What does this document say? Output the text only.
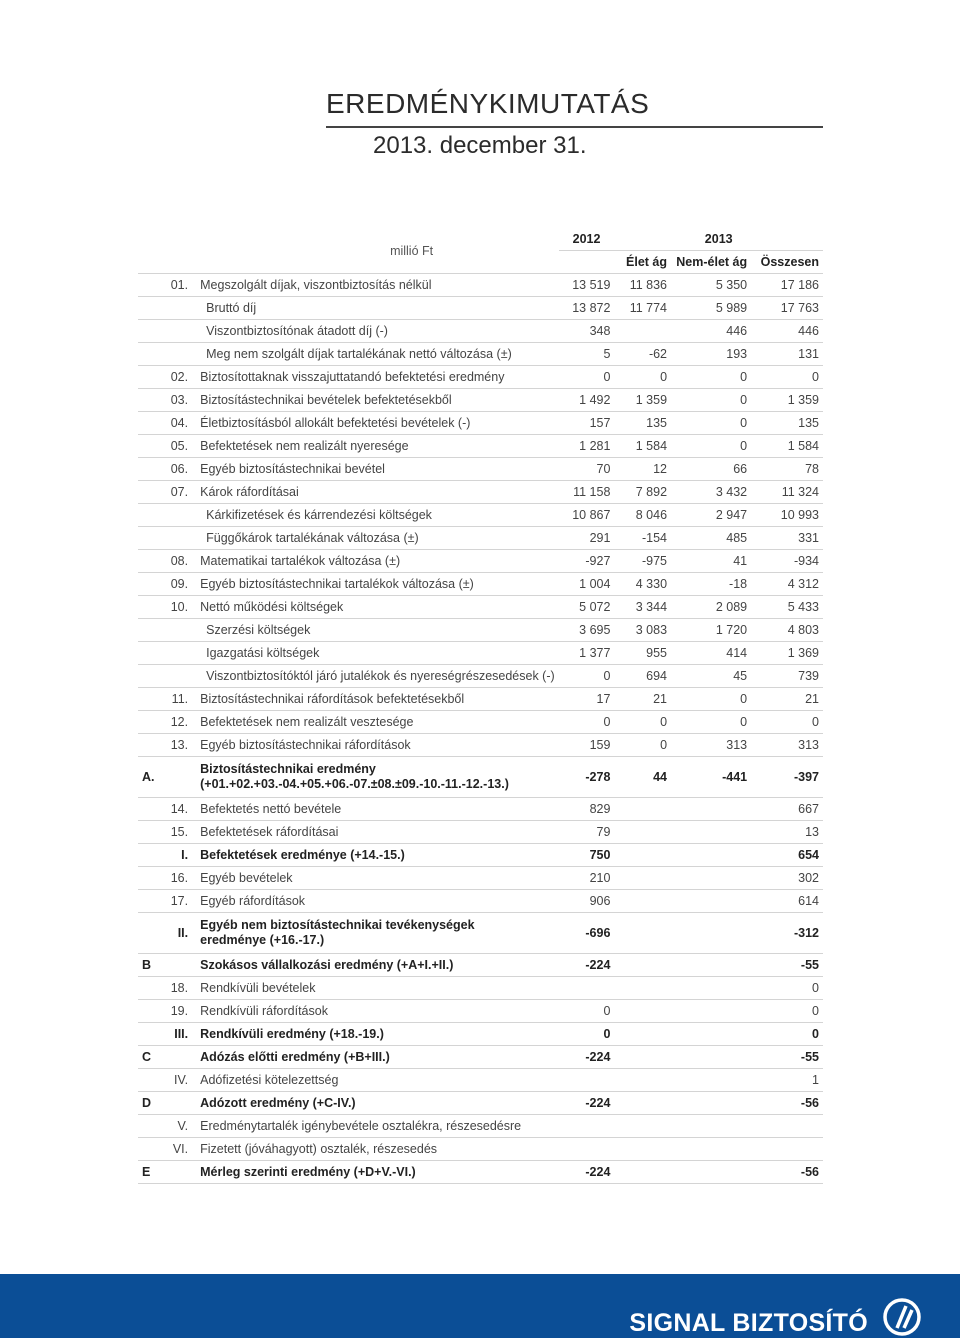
EREDMÉNYKIMUTATÁS
2013. december 31.
	millió Ft		2012	2013		
				Élet ág	Nem-élet ág	Összesen
	01.	Megszolgált díjak, viszontbiztosítás nélkül	13 519	11 836	5 350	17 186
		Bruttó díj	13 872	11 774	5 989	17 763
		Viszontbiztosítónak átadott díj (-)	348		446	446
		Meg nem szolgált díjak tartalékának nettó változása (±)	5	-62	193	131
	02.	Biztosítottaknak visszajuttatandó befektetési eredmény	0	0	0	0
	03.	Biztosítástechnikai bevételek befektetésekből	1 492	1 359	0	1 359
	04.	Életbiztosításból allokált befektetési bevételek (-)	157	135	0	135
	05.	Befektetések nem realizált nyeresége	1 281	1 584	0	1 584
	06.	Egyéb biztosítástechnikai bevétel	70	12	66	78
	07.	Károk ráfordításai	11 158	7 892	3 432	11 324
		Kárkifizetések és kárrendezési költségek	10 867	8 046	2 947	10 993
		Függőkárok tartalékának változása (±)	291	-154	485	331
	08.	Matematikai tartalékok változása (±)	-927	-975	41	-934
	09.	Egyéb biztosítástechnikai tartalékok változása (±)	1 004	4 330	-18	4 312
	10.	Nettó működési költségek	5 072	3 344	2 089	5 433
		Szerzési költségek	3 695	3 083	1 720	4 803
		Igazgatási költségek	1 377	955	414	1 369
		Viszontbiztosítóktól járó jutalékok és nyereségrészesedések (-)	0	694	45	739
	11.	Biztosítástechnikai ráfordítások befektetésekből	17	21	0	21
	12.	Befektetések nem realizált vesztesége	0	0	0	0
	13.	Egyéb biztosítástechnikai ráfordítások	159	0	313	313
A.		Biztosítástechnikai eredmény
(+01.+02.+03.-04.+05.+06.-07.±08.±09.-10.-11.-12.-13.)	-278	44	-441	-397
	14.	Befektetés nettó bevétele	829			667
	15.	Befektetések ráfordításai	79			13
	I.	Befektetések eredménye (+14.-15.)	750			654
	16.	Egyéb bevételek	210			302
	17.	Egyéb ráfordítások	906			614
	II.	Egyéb nem biztosítástechnikai tevékenységek
eredménye (+16.-17.)	-696			-312
B		Szokásos vállalkozási eredmény (+A+I.+II.)	-224			-55
	18.	Rendkívüli bevételek				0
	19.	Rendkívüli ráfordítások	0			0
	III.	Rendkívüli eredmény (+18.-19.)	0			0
C		Adózás előtti eredmény (+B+III.)	-224			-55
	IV.	Adófizetési kötelezettség				1
D		Adózott eredmény (+C-IV.)	-224			-56
	V.	Eredménytartalék igénybevétele osztalékra, részesedésre				
	VI.	Fizetett (jóváhagyott) osztalék, részesedés				
E		Mérleg szerinti eredmény (+D+V.-VI.)	-224			-56
SIGNAL BIZTOSÍTÓ
